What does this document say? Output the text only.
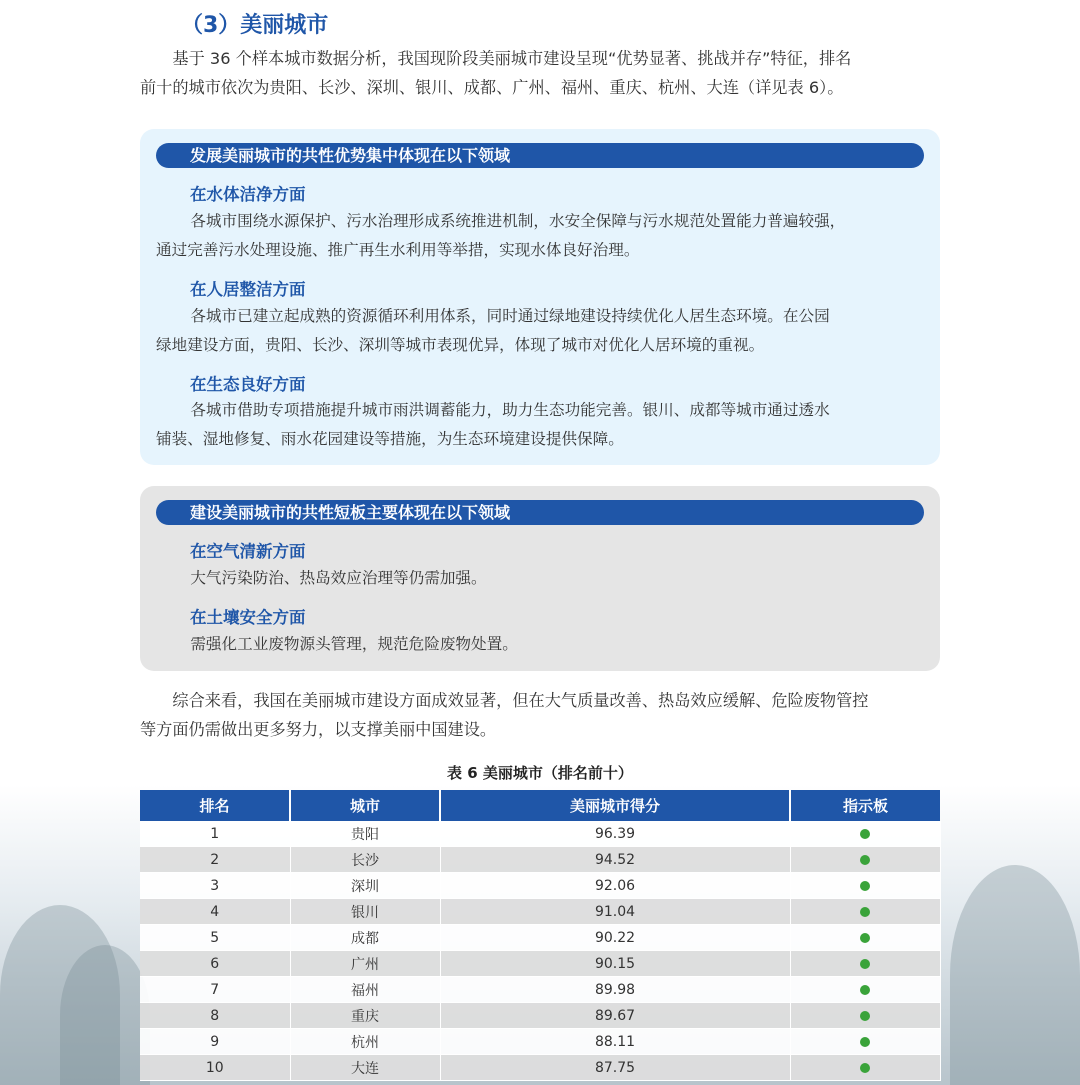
（3）美丽城市

基于 36 个样本城市数据分析，我国现阶段美丽城市建设呈现“优势显著、挑战并存”特征，排名

前十的城市依次为贵阳、长沙、深圳、银川、成都、广州、福州、重庆、杭州、大连（详见表 6）。
发展美丽城市的共性优势集中体现在以下领域
在水体洁净方面

各城市围绕水源保护、污水治理形成系统推进机制，水安全保障与污水规范处置能力普遍较强，

通过完善污水处理设施、推广再生水利用等举措，实现水体良好治理。
在人居整洁方面

各城市已建立起成熟的资源循环利用体系，同时通过绿地建设持续优化人居生态环境。在公园

绿地建设方面，贵阳、长沙、深圳等城市表现优异，体现了城市对优化人居环境的重视。
在生态良好方面

各城市借助专项措施提升城市雨洪调蓄能力，助力生态功能完善。银川、成都等城市通过透水

铺装、湿地修复、雨水花园建设等措施，为生态环境建设提供保障。
建设美丽城市的共性短板主要体现在以下领域
在空气清新方面

大气污染防治、热岛效应治理等仍需加强。

在土壤安全方面

需强化工业废物源头管理，规范危险废物处置。

综合来看，我国在美丽城市建设方面成效显著，但在大气质量改善、热岛效应缓解、危险废物管控

等方面仍需做出更多努力，以支撑美丽中国建设。
表 6 美丽城市（排名前十）
排名	城市	美丽城市得分	指示板
1	贵阳	96.39	
2	长沙	94.52	
3	深圳	92.06	
4	银川	91.04	
5	成都	90.22	
6	广州	90.15	
7	福州	89.98	
8	重庆	89.67	
9	杭州	88.11	
10	大连	87.75	
